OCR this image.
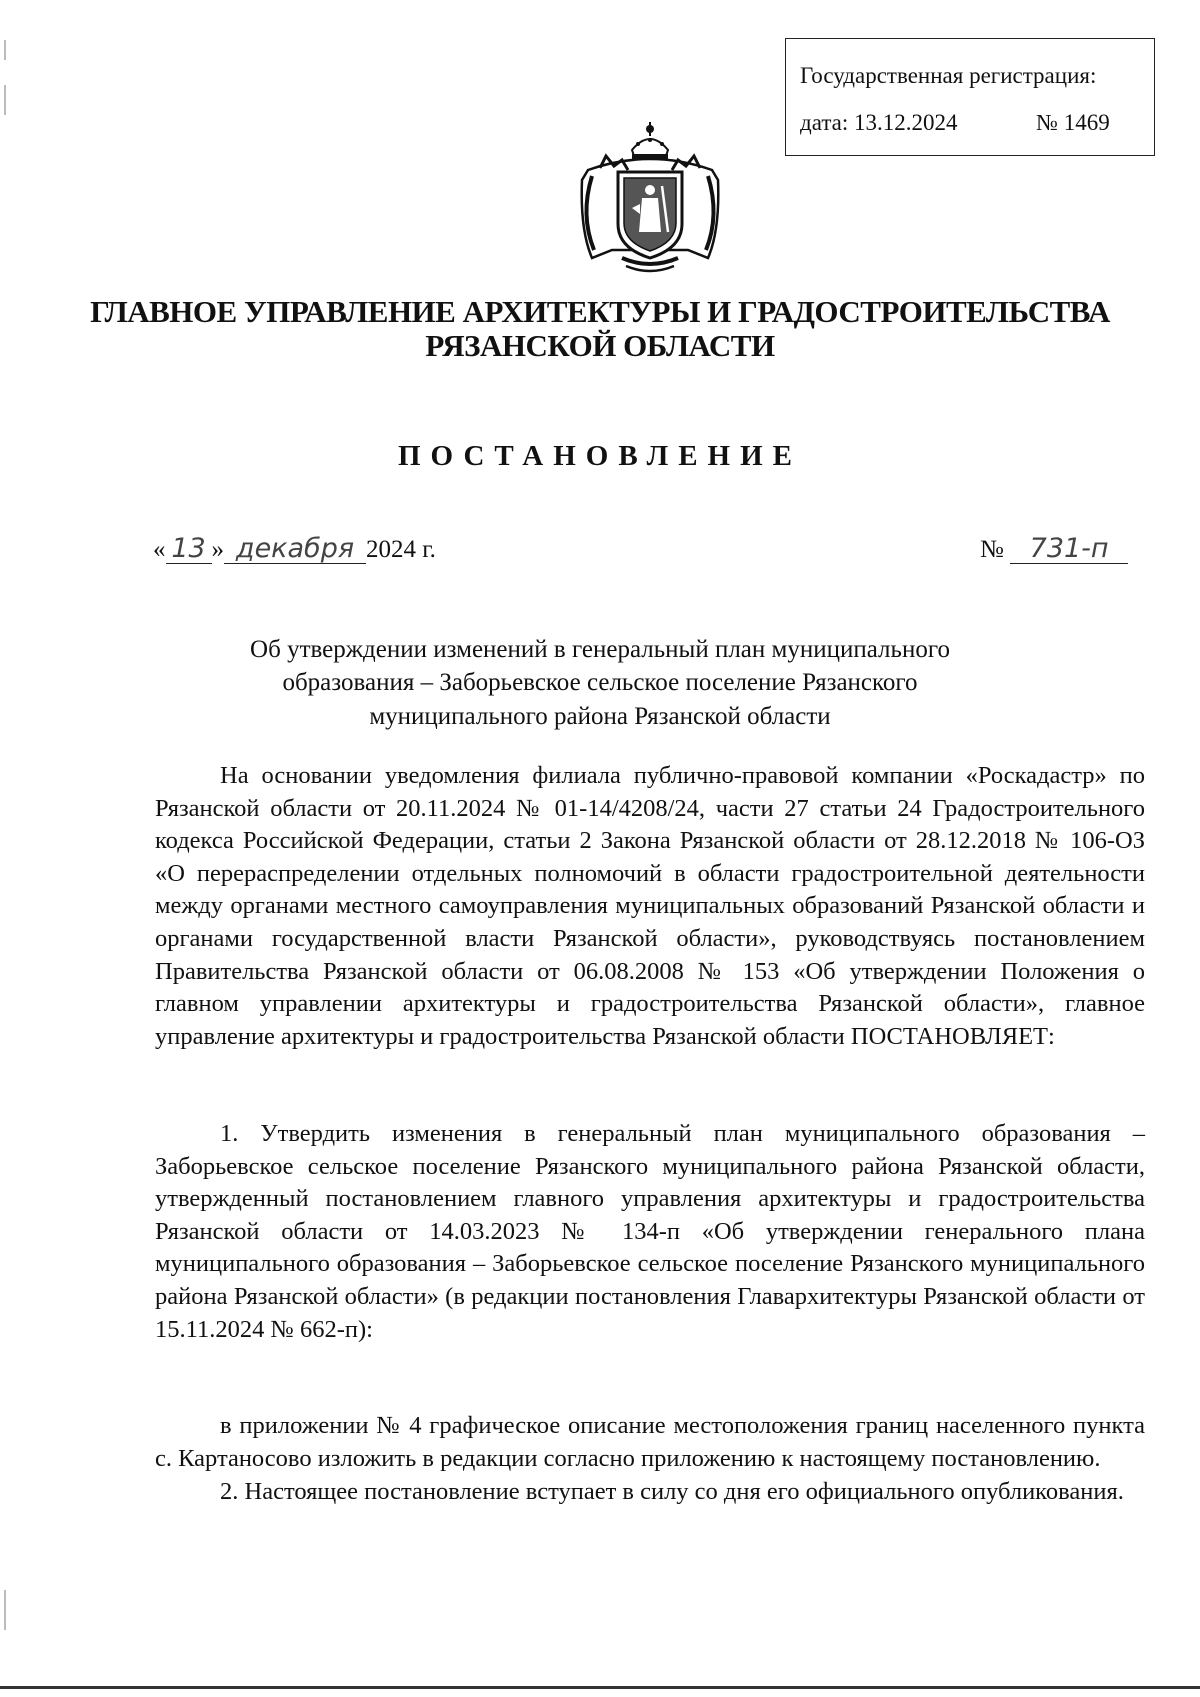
Государственная регистрация:
дата: 13.12.2024	№ 1469
ГЛАВНОЕ УПРАВЛЕНИЕ АРХИТЕКТУРЫ И ГРАДОСТРОИТЕЛЬСТВА
РЯЗАНСКОЙ ОБЛАСТИ
ПОСТАНОВЛЕНИЕ
« 13 » декабря 2024 г.	№ 731-п
Об утверждении изменений в генеральный план муниципального
образования – Заборьевское сельское поселение Рязанского
муниципального района Рязанской области

На основании уведомления филиала публично-правовой компании «Роскадастр» по Рязанской области от 20.11.2024 № 01-14/4208/24, части 27 статьи 24 Градостроительного кодекса Российской Федерации, статьи 2 Закона Рязанской области от 28.12.2018 № 106-ОЗ «О перераспределении отдельных полномочий в области градостроительной деятельности между органами местного самоуправления муниципальных образований Рязанской области и органами государственной власти Рязанской области», руководствуясь постановлением Правительства Рязанской области от 06.08.2008 № 153 «Об утверждении Положения о главном управлении архитектуры и градостроительства Рязанской области», главное управление архитектуры и градостроительства Рязанской области ПОСТАНОВЛЯЕТ:

1. Утвердить изменения в генеральный план муниципального образования – Заборьевское сельское поселение Рязанского муниципального района Рязанской области, утвержденный постановлением главного управления архитектуры и градостроительства Рязанской области от 14.03.2023 № 134-п «Об утверждении генерального плана муниципального образования – Заборьевское сельское поселение Рязанского муниципального района Рязанской области» (в редакции постановления Главархитектуры Рязанской области от 15.11.2024 № 662-п):

в приложении № 4 графическое описание местоположения границ населенного пункта с. Картаносово изложить в редакции согласно приложению к настоящему постановлению.

2. Настоящее постановление вступает в силу со дня его официального опубликования.
